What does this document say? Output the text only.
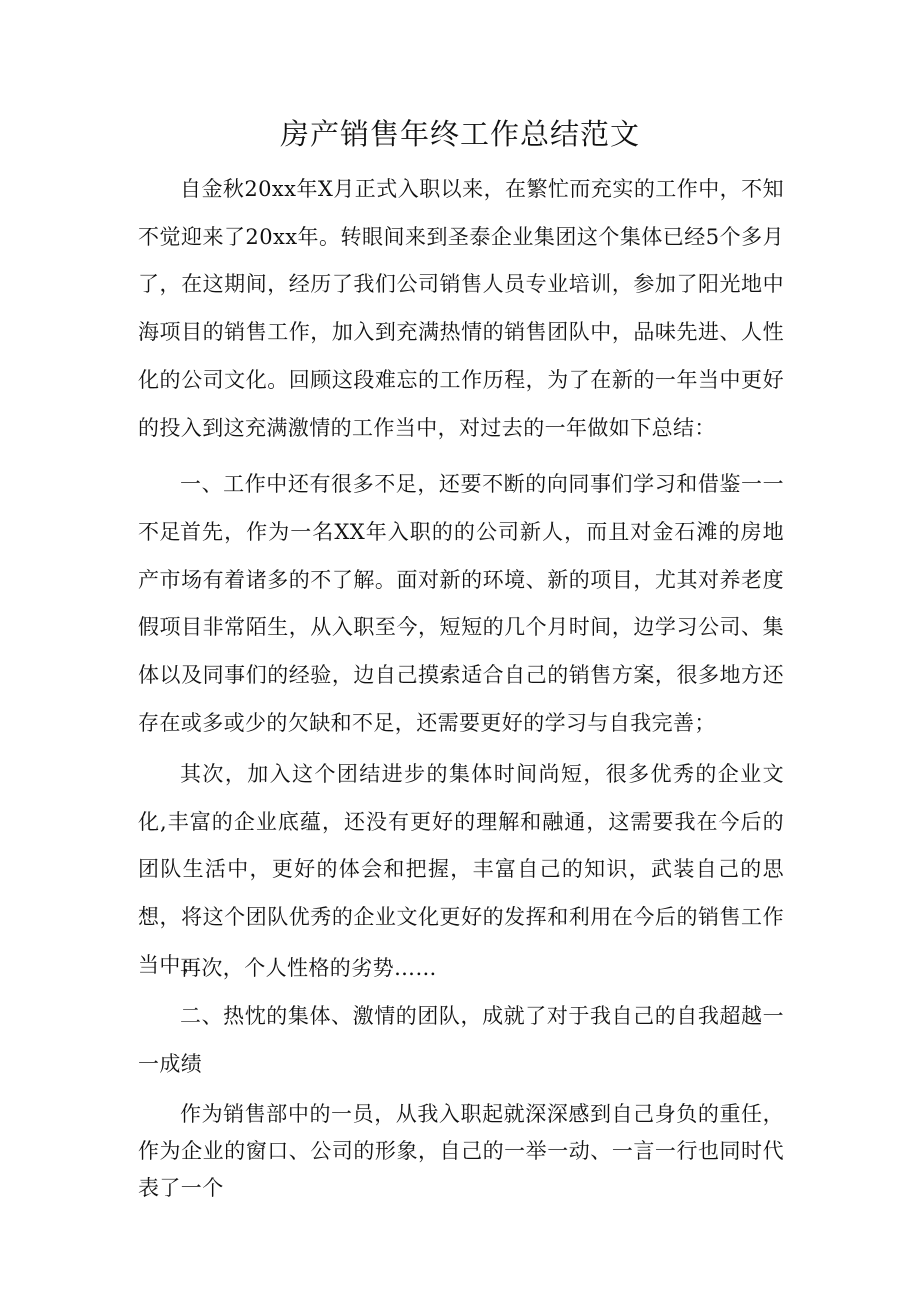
房产销售年终工作总结范文

自金秋20xx年X月正式入职以来，在繁忙而充实的工作中，不知不觉迎来了20xx年。转眼间来到圣泰企业集团这个集体已经5个多月了，在这期间，经历了我们公司销售人员专业培训，参加了阳光地中海项目的销售工作，加入到充满热情的销售团队中，品味先进、人性化的公司文化。回顾这段难忘的工作历程，为了在新的一年当中更好的投入到这充满激情的工作当中，对过去的一年做如下总结：

一、工作中还有很多不足，还要不断的向同事们学习和借鉴一一不足 首先，作为一名XX年入职的的公司新人，而且对金石滩的房地产市场有着诸多的不了解。面对新的环境、新的项目，尤其对养老度假项目非常陌生，从入职至今，短短的几个月时间，边学习公司、集体以及同事们的经验，边自己摸索适合自己的销售方案，很多地方还存在或多或少的欠缺和不足，还需要更好的学习与自我完善；

其次，加入这个团结进步的集体时间尚短，很多优秀的企业文化,丰富的企业底蕴，还没有更好的理解和融通，这需要我在今后的团队生活中，更好的体会和把握，丰富自己的知识，武装自己的思想，将这个团队优秀的企业文化更好的发挥和利用在今后的销售工作当中；

再次，个人性格的劣势……

二、热忱的集体、激情的团队，成就了对于我自己的自我超越一一成绩

作为销售部中的一员，从我入职起就深深感到自己身负的重任，作为企业的窗口、公司的形象，自己的一举一动、一言一行也同时代表了一个
